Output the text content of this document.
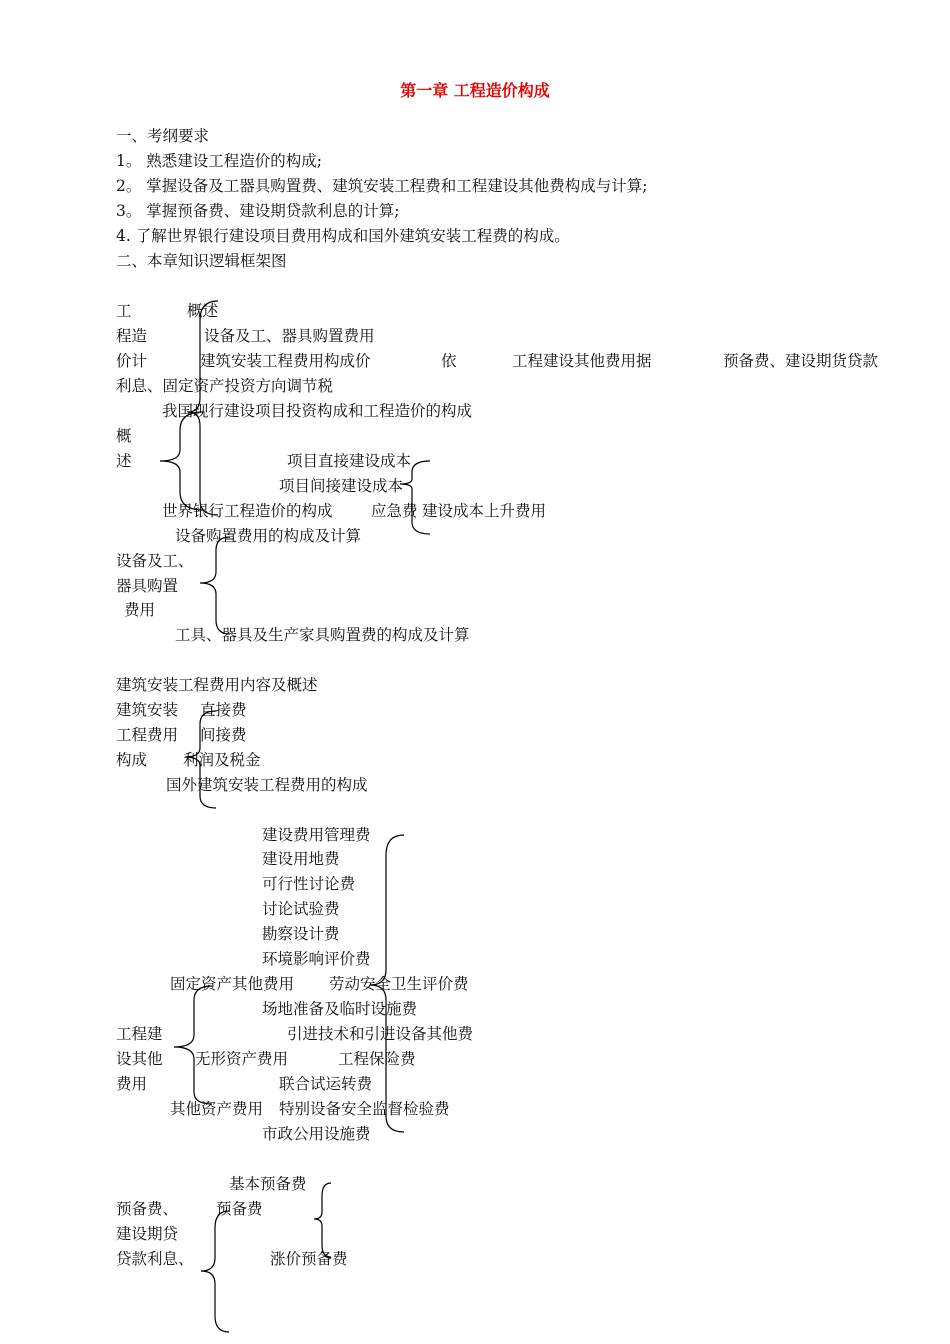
第一章 工程造价构成
一、考纲要求
1。 熟悉建设工程造价的构成;
2。 掌握设备及工器具购置费、建筑安装工程费和工程建设其他费构成与计算;
3。 掌握预备费、建设期贷款利息的计算;
4. 了解世界银行建设项目费用构成和国外建筑安装工程费的构成。
二、本章知识逻辑框架图
工	概述
程造	设备及工、器具购置费用
价计	建筑安装工程费用构成价	依	工程建设其他费用据	预备费、建设期货贷款
利息、固定资产投资方向调节税
我国现行建设项目投资构成和工程造价的构成
概
述	项目直接建设成本
项目间接建设成本
世界银行工程造价的构成 应急费 建设成本上升费用
设备购置费用的构成及计算
设备及工、
器具购置
费用
工具、器具及生产家具购置费的构成及计算
建筑安装工程费用内容及概述
建筑安装 直接费
工程费用 间接费
构成 利润及税金
国外建筑安装工程费用的构成
建设费用管理费
建设用地费
可行性讨论费
讨论试验费
勘察设计费
环境影响评价费
固定资产其他费用 劳动安全卫生评价费
场地准备及临时设施费
工程建	引进技术和引进设备其他费
设其他 无形资产费用	工程保险费
费用	联合试运转费
其他资产费用 特别设备安全监督检验费
市政公用设施费
基本预备费
预备费、 预备费
建设期贷
贷款利息、	涨价预备费
